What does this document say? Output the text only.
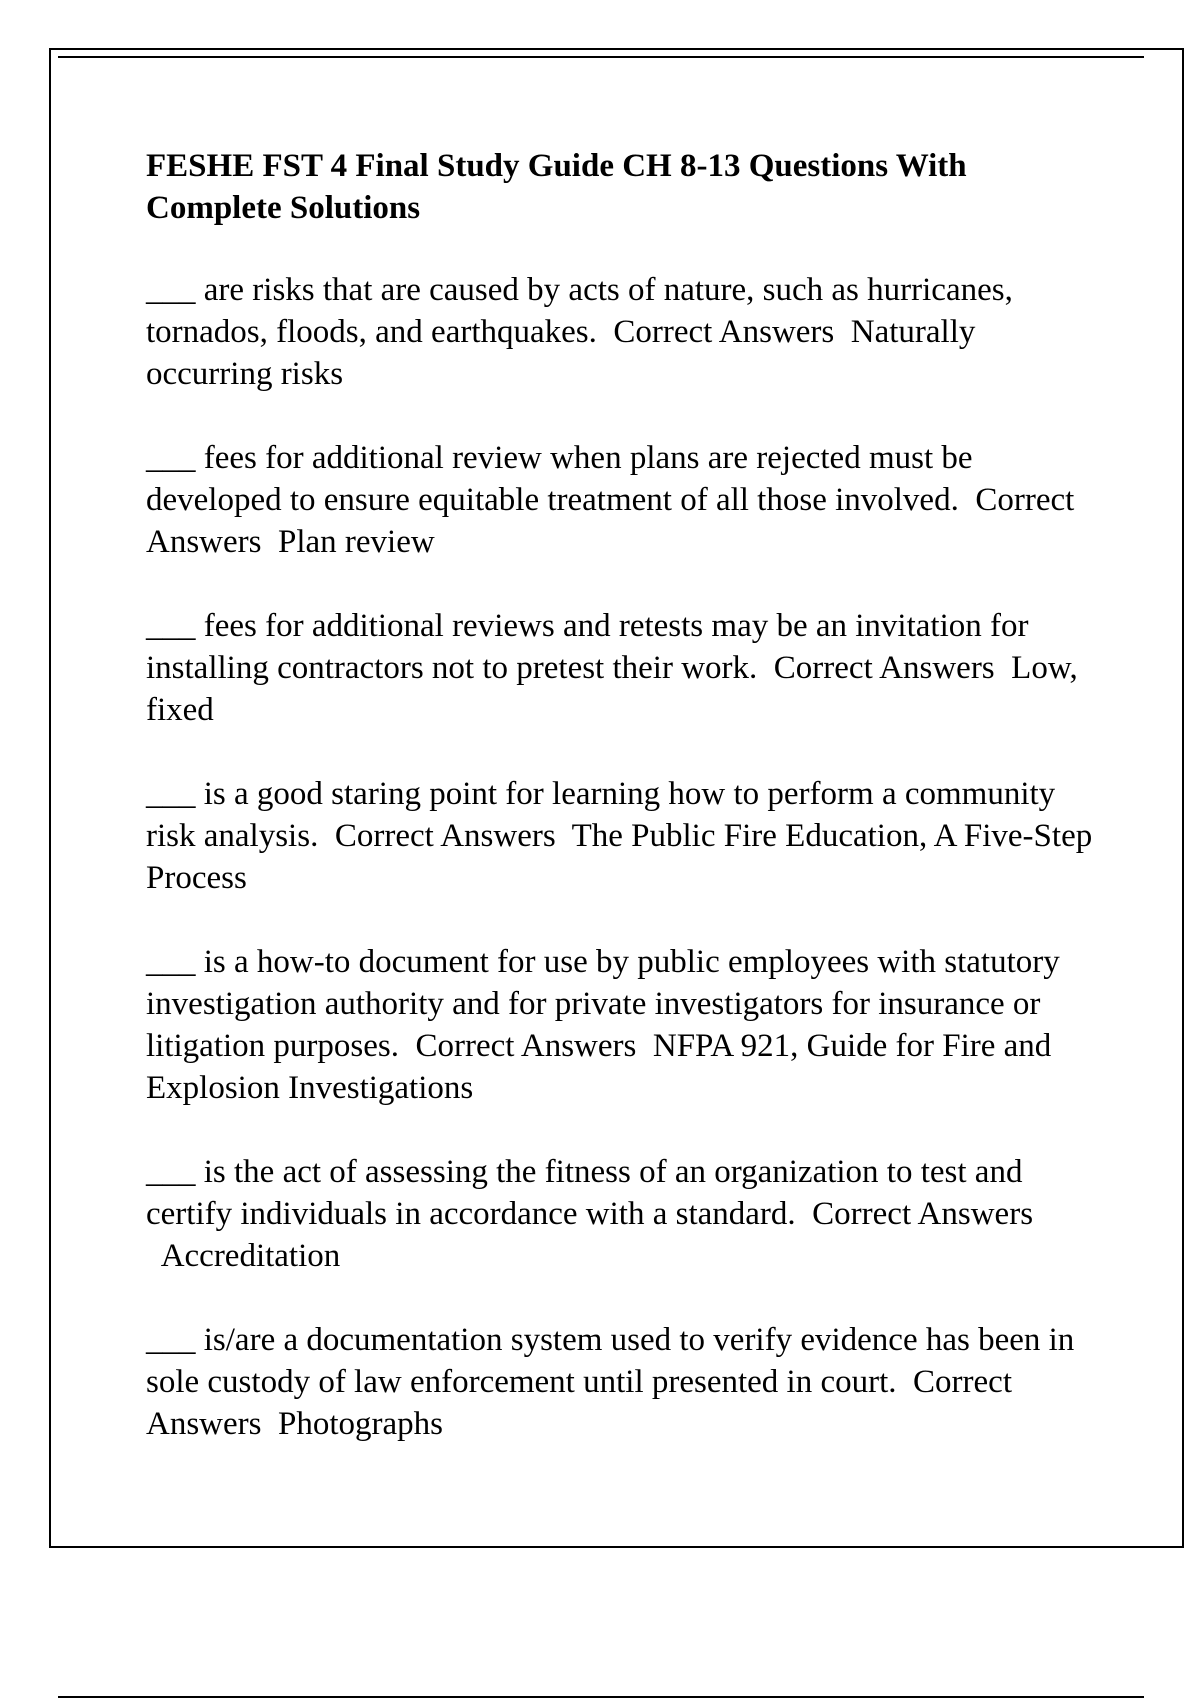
FESHE FST 4 Final Study Guide CH 8-13 Questions With Complete Solutions
___ are risks that are caused by acts of nature, such as hurricanes, tornados, floods, and earthquakes. Correct Answers Naturally occurring risks
___ fees for additional review when plans are rejected must be developed to ensure equitable treatment of all those involved. Correct Answers Plan review
___ fees for additional reviews and retests may be an invitation for installing contractors not to pretest their work. Correct Answers Low, fixed
___ is a good staring point for learning how to perform a community risk analysis. Correct Answers The Public Fire Education, A Five-Step Process
___ is a how-to document for use by public employees with statutory investigation authority and for private investigators for insurance or litigation purposes. Correct Answers NFPA 921, Guide for Fire and Explosion Investigations
___ is the act of assessing the fitness of an organization to test and certify individuals in accordance with a standard. Correct AnswersAccreditation
___ is/are a documentation system used to verify evidence has been in sole custody of law enforcement until presented in court. Correct Answers Photographs
